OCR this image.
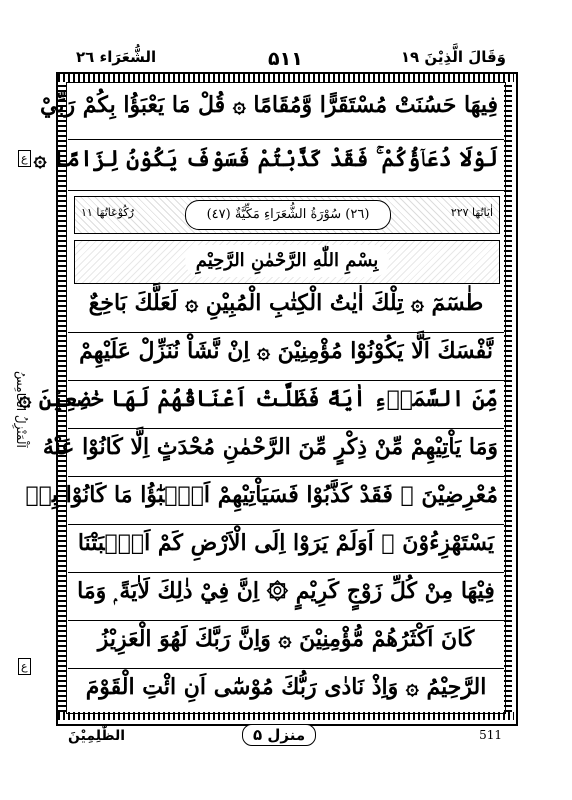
الشُّعَرَاء ٢٦	۵۱۱	وَقَالَ الَّذِيْنَ ١٩
فِيهَا حَسُنَتْ مُسْتَقَرًّا وَّمُقَامًا ۞ قُلْ مَا يَعْبَؤُا بِكُمْ رَبِّيْ
لَوْلَا دُعَاۤؤُكُمْ ۚ فَقَدْ كَذَّبْتُمْ فَسَوْفَ يَكُوْنُ لِزَامًا ۞
رُكُوْعَاتُهَا ١١	(٢٦) سُوْرَةُ الشُّعَرَاءِ مَكِّيَّةٌ (٤٧)	اٰيَاتُهَا ٢٢٧
بِسْمِ اللّٰهِ الرَّحْمٰنِ الرَّحِيْمِ
طٰسٓمٓ ۞ تِلْكَ اٰيٰتُ الْكِتٰبِ الْمُبِيْنِ ۞ لَعَلَّكَ بَاخِعٌ
نَّفْسَكَ اَلَّا يَكُوْنُوْا مُؤْمِنِيْنَ ۞ اِنْ نَّشَاْ نُنَزِّلْ عَلَيْهِمْ
مِّنَ السَّمَاۤءِ اٰيَةً فَظَلَّتْ اَعْنَاقُهُمْ لَهَا خٰضِعِيْنَ ۞
وَمَا يَاْتِيْهِمْ مِّنْ ذِكْرٍ مِّنَ الرَّحْمٰنِ مُحْدَثٍ اِلَّا كَانُوْا عَنْهُ
مُعْرِضِيْنَ ۞ فَقَدْ كَذَّبُوْا فَسَيَاْتِيْهِمْ اَنْۢبٰٓؤُا مَا كَانُوْا بِهٖ
يَسْتَهْزِءُوْنَ ۞ اَوَلَمْ يَرَوْا اِلَى الْاَرْضِ كَمْ اَنْۢبَتْنَا
فِيْهَا مِنْ كُلِّ زَوْجٍ كَرِيْمٍ ۞ اِنَّ فِيْ ذٰلِكَ لَاٰيَةً ۭ وَمَا
كَانَ اَكْثَرُهُمْ مُّؤْمِنِيْنَ ۞ وَاِنَّ رَبَّكَ لَهُوَ الْعَزِيْزُ
الرَّحِيْمُ ۞ وَاِذْ نَادٰى رَبُّكَ مُوْسٰٓى اَنِ ائْتِ الْقَوْمَ
اَلْمَنْزِلُ الْخَامِسُ
ع
ع
الظّٰلِمِيْنَ	منزل ۵	511
